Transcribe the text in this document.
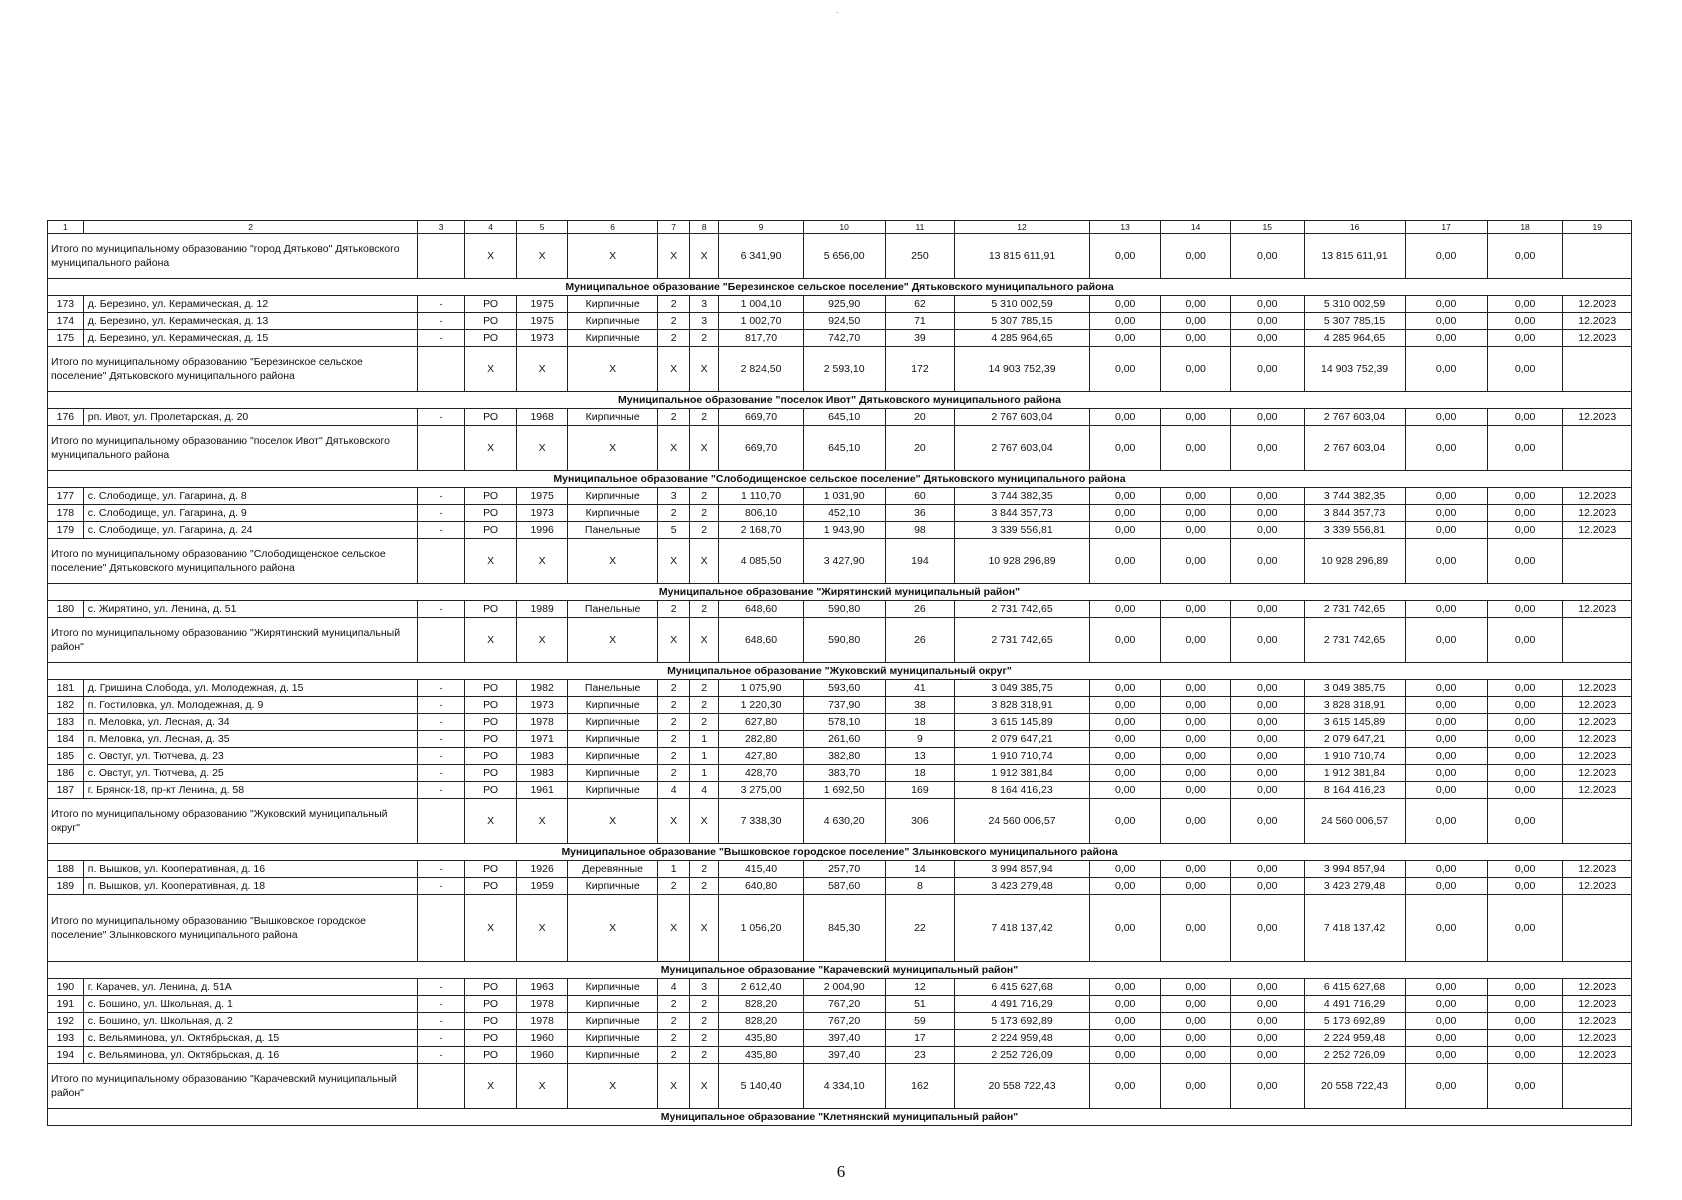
-
1	2	3	4	5	6	7	8	9	10	11	12	13	14	15	16	17	18	19
Итого по муниципальному образованию "город Дятьково" Дятьковского муниципального района			Х	Х	Х	Х	Х	6 341,90	5 656,00	250	13 815 611,91	0,00	0,00	0,00	13 815 611,91	0,00	0,00	
Муниципальное образование "Березинское сельское поселение" Дятьковского муниципального района																		
173	д. Березино, ул. Керамическая, д. 12	-	РО	1975	Кирпичные	2	3	1 004,10	925,90	62	5 310 002,59	0,00	0,00	0,00	5 310 002,59	0,00	0,00	12.2023
174	д. Березино, ул. Керамическая, д. 13	-	РО	1975	Кирпичные	2	3	1 002,70	924,50	71	5 307 785,15	0,00	0,00	0,00	5 307 785,15	0,00	0,00	12.2023
175	д. Березино, ул. Керамическая, д. 15	-	РО	1973	Кирпичные	2	2	817,70	742,70	39	4 285 964,65	0,00	0,00	0,00	4 285 964,65	0,00	0,00	12.2023
Итого по муниципальному образованию "Березинское сельское поселение" Дятьковского муниципального района			Х	Х	Х	Х	Х	2 824,50	2 593,10	172	14 903 752,39	0,00	0,00	0,00	14 903 752,39	0,00	0,00	
Муниципальное образование "поселок Ивот" Дятьковского муниципального района																		
176	рп. Ивот, ул. Пролетарская, д. 20	-	РО	1968	Кирпичные	2	2	669,70	645,10	20	2 767 603,04	0,00	0,00	0,00	2 767 603,04	0,00	0,00	12.2023
Итого по муниципальному образованию "поселок Ивот" Дятьковского муниципального района			Х	Х	Х	Х	Х	669,70	645,10	20	2 767 603,04	0,00	0,00	0,00	2 767 603,04	0,00	0,00	
Муниципальное образование "Слободищенское сельское поселение" Дятьковского муниципального района																		
177	с. Слободище, ул. Гагарина, д. 8	-	РО	1975	Кирпичные	3	2	1 110,70	1 031,90	60	3 744 382,35	0,00	0,00	0,00	3 744 382,35	0,00	0,00	12.2023
178	с. Слободище, ул. Гагарина, д. 9	-	РО	1973	Кирпичные	2	2	806,10	452,10	36	3 844 357,73	0,00	0,00	0,00	3 844 357,73	0,00	0,00	12.2023
179	с. Слободище, ул. Гагарина, д. 24	-	РО	1996	Панельные	5	2	2 168,70	1 943,90	98	3 339 556,81	0,00	0,00	0,00	3 339 556,81	0,00	0,00	12.2023
Итого по муниципальному образованию "Слободищенское сельское поселение" Дятьковского муниципального района			Х	Х	Х	Х	Х	4 085,50	3 427,90	194	10 928 296,89	0,00	0,00	0,00	10 928 296,89	0,00	0,00	
Муниципальное образование "Жирятинский муниципальный район"																		
180	с. Жирятино, ул. Ленина, д. 51	-	РО	1989	Панельные	2	2	648,60	590,80	26	2 731 742,65	0,00	0,00	0,00	2 731 742,65	0,00	0,00	12.2023
Итого по муниципальному образованию "Жирятинский муниципальный район"			Х	Х	Х	Х	Х	648,60	590,80	26	2 731 742,65	0,00	0,00	0,00	2 731 742,65	0,00	0,00	
Муниципальное образование "Жуковский муниципальный округ"																		
181	д. Гришина Слобода, ул. Молодежная, д. 15	-	РО	1982	Панельные	2	2	1 075,90	593,60	41	3 049 385,75	0,00	0,00	0,00	3 049 385,75	0,00	0,00	12.2023
182	п. Гостиловка, ул. Молодежная, д. 9	-	РО	1973	Кирпичные	2	2	1 220,30	737,90	38	3 828 318,91	0,00	0,00	0,00	3 828 318,91	0,00	0,00	12.2023
183	п. Меловка, ул. Лесная, д. 34	-	РО	1978	Кирпичные	2	2	627,80	578,10	18	3 615 145,89	0,00	0,00	0,00	3 615 145,89	0,00	0,00	12.2023
184	п. Меловка, ул. Лесная, д. 35	-	РО	1971	Кирпичные	2	1	282,80	261,60	9	2 079 647,21	0,00	0,00	0,00	2 079 647,21	0,00	0,00	12.2023
185	с. Овстуг, ул. Тютчева, д. 23	-	РО	1983	Кирпичные	2	1	427,80	382,80	13	1 910 710,74	0,00	0,00	0,00	1 910 710,74	0,00	0,00	12.2023
186	с. Овстуг, ул. Тютчева, д. 25	-	РО	1983	Кирпичные	2	1	428,70	383,70	18	1 912 381,84	0,00	0,00	0,00	1 912 381,84	0,00	0,00	12.2023
187	г. Брянск-18, пр-кт Ленина, д. 58	-	РО	1961	Кирпичные	4	4	3 275,00	1 692,50	169	8 164 416,23	0,00	0,00	0,00	8 164 416,23	0,00	0,00	12.2023
Итого по муниципальному образованию "Жуковский муниципальный округ"			Х	Х	Х	Х	Х	7 338,30	4 630,20	306	24 560 006,57	0,00	0,00	0,00	24 560 006,57	0,00	0,00	
Муниципальное образование "Вышковское городское поселение" Злынковского муниципального района																		
188	п. Вышков, ул. Кооперативная, д. 16	-	РО	1926	Деревянные	1	2	415,40	257,70	14	3 994 857,94	0,00	0,00	0,00	3 994 857,94	0,00	0,00	12.2023
189	п. Вышков, ул. Кооперативная, д. 18	-	РО	1959	Кирпичные	2	2	640,80	587,60	8	3 423 279,48	0,00	0,00	0,00	3 423 279,48	0,00	0,00	12.2023
Итого по муниципальному образованию "Вышковское городское поселение" Злынковского муниципального района			Х	Х	Х	Х	Х	1 056,20	845,30	22	7 418 137,42	0,00	0,00	0,00	7 418 137,42	0,00	0,00	
Муниципальное образование "Карачевский муниципальный район"																		
190	г. Карачев, ул. Ленина, д. 51А	-	РО	1963	Кирпичные	4	3	2 612,40	2 004,90	12	6 415 627,68	0,00	0,00	0,00	6 415 627,68	0,00	0,00	12.2023
191	с. Бошино, ул. Школьная, д. 1	-	РО	1978	Кирпичные	2	2	828,20	767,20	51	4 491 716,29	0,00	0,00	0,00	4 491 716,29	0,00	0,00	12.2023
192	с. Бошино, ул. Школьная, д. 2	-	РО	1978	Кирпичные	2	2	828,20	767,20	59	5 173 692,89	0,00	0,00	0,00	5 173 692,89	0,00	0,00	12.2023
193	с. Вельяминова, ул. Октябрьская, д. 15	-	РО	1960	Кирпичные	2	2	435,80	397,40	17	2 224 959,48	0,00	0,00	0,00	2 224 959,48	0,00	0,00	12.2023
194	с. Вельяминова, ул. Октябрьская, д. 16	-	РО	1960	Кирпичные	2	2	435,80	397,40	23	2 252 726,09	0,00	0,00	0,00	2 252 726,09	0,00	0,00	12.2023
Итого по муниципальному образованию "Карачевский муниципальный район"			Х	Х	Х	Х	Х	5 140,40	4 334,10	162	20 558 722,43	0,00	0,00	0,00	20 558 722,43	0,00	0,00	
Муниципальное образование "Клетнянский муниципальный район"																		
6
